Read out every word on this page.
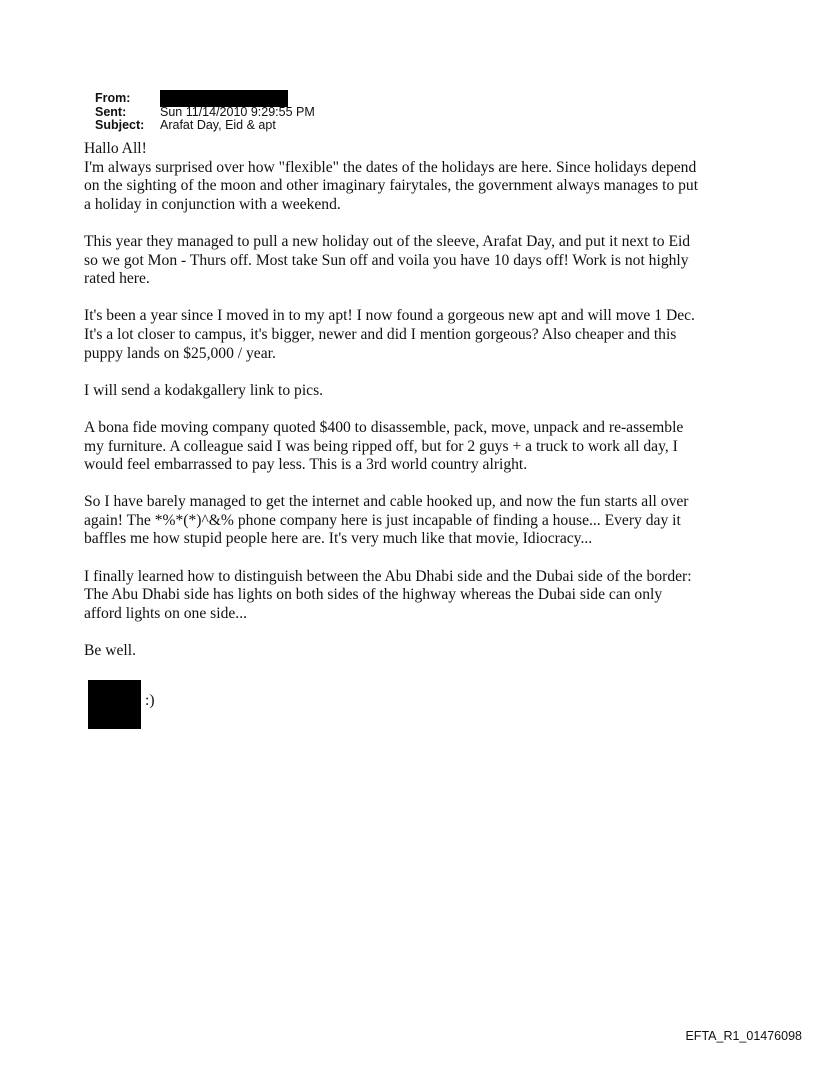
From:
Sent:	Sun 11/14/2010 9:29:55 PM
Subject:	Arafat Day, Eid & apt
Hallo All!
I'm always surprised over how "flexible" the dates of the holidays are here. Since holidays depend
on the sighting of the moon and other imaginary fairytales, the government always manages to put
a holiday in conjunction with a weekend.
This year they managed to pull a new holiday out of the sleeve, Arafat Day, and put it next to Eid
so we got Mon - Thurs off. Most take Sun off and voila you have 10 days off! Work is not highly
rated here.
It's been a year since I moved in to my apt! I now found a gorgeous new apt and will move 1 Dec.
It's a lot closer to campus, it's bigger, newer and did I mention gorgeous? Also cheaper and this
puppy lands on $25,000 / year.
I will send a kodakgallery link to pics.
A bona fide moving company quoted $400 to disassemble, pack, move, unpack and re-assemble
my furniture. A colleague said I was being ripped off, but for 2 guys + a truck to work all day, I
would feel embarrassed to pay less. This is a 3rd world country alright.
So I have barely managed to get the internet and cable hooked up, and now the fun starts all over
again! The *%*(*)^&% phone company here is just incapable of finding a house... Every day it
baffles me how stupid people here are. It's very much like that movie, Idiocracy...
I finally learned how to distinguish between the Abu Dhabi side and the Dubai side of the border:
The Abu Dhabi side has lights on both sides of the highway whereas the Dubai side can only
afford lights on one side...
Be well.
:)
EFTA_R1_01476098
